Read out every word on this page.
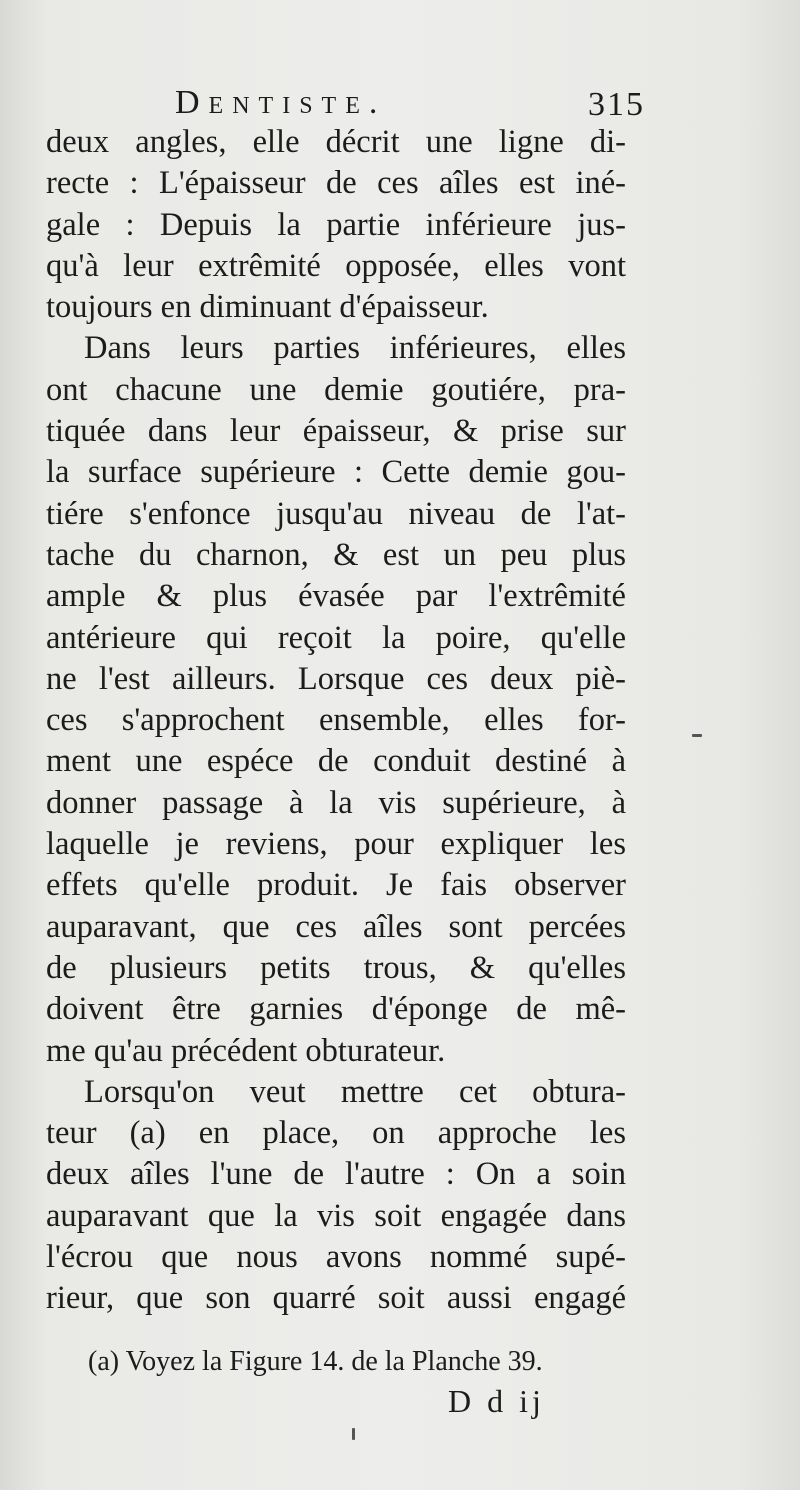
Dentiste.	315
deux angles, elle décrit une ligne di-
recte : L'épaisseur de ces aîles est iné-
gale : Depuis la partie inférieure jus-
qu'à leur extrêmité opposée, elles vont
toujours en diminuant d'épaisseur.
Dans leurs parties inférieures, elles
ont chacune une demie goutiére, pra-
tiquée dans leur épaisseur, & prise sur
la surface supérieure : Cette demie gou-
tiére s'enfonce jusqu'au niveau de l'at-
tache du charnon, & est un peu plus
ample & plus évasée par l'extrêmité
antérieure qui reçoit la poire, qu'elle
ne l'est ailleurs. Lorsque ces deux piè-
ces s'approchent ensemble, elles for-
ment une espéce de conduit destiné à
donner passage à la vis supérieure, à
laquelle je reviens, pour expliquer les
effets qu'elle produit. Je fais observer
auparavant, que ces aîles sont percées
de plusieurs petits trous, & qu'elles
doivent être garnies d'éponge de mê-
me qu'au précédent obturateur.
Lorsqu'on veut mettre cet obtura-
teur (a) en place, on approche les
deux aîles l'une de l'autre : On a soin
auparavant que la vis soit engagée dans
l'écrou que nous avons nommé supé-
rieur, que son quarré soit aussi engagé
(a) Voyez la Figure 14. de la Planche 39.
D d ij
